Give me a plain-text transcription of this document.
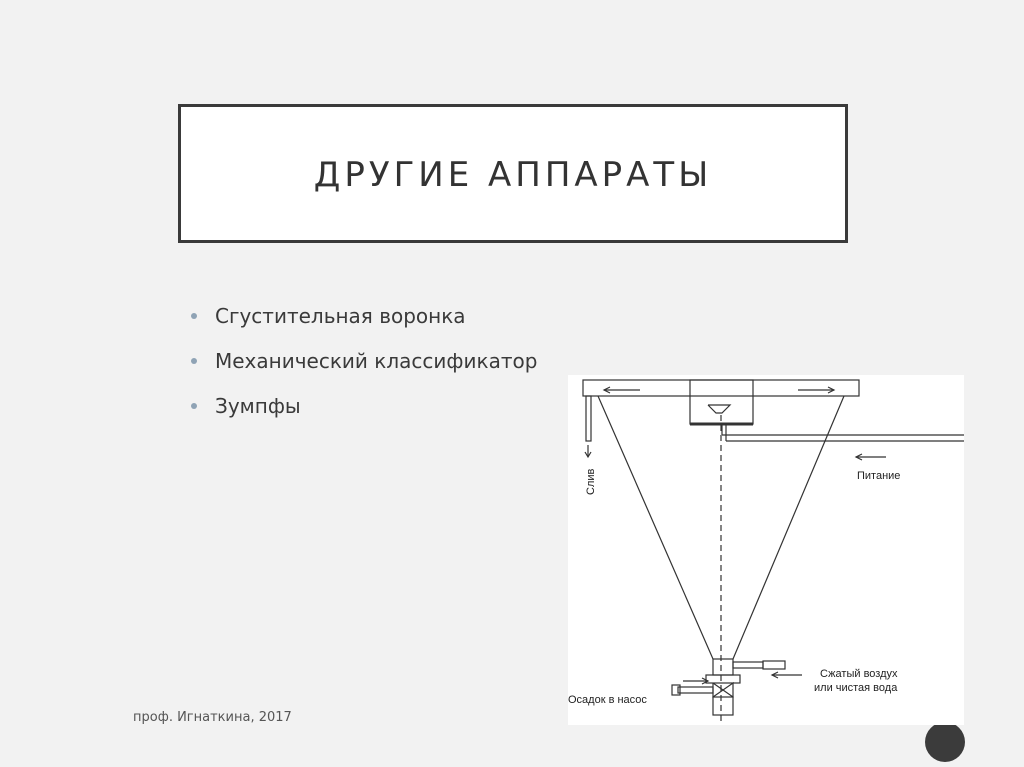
ДРУГИЕ АППАРАТЫ
Сгустительная воронка
Механический классификатор
Зумпфы
Слив	Питание
Сжатый воздух
или чистая вода
Осадок в насос
проф. Игнаткина, 2017
